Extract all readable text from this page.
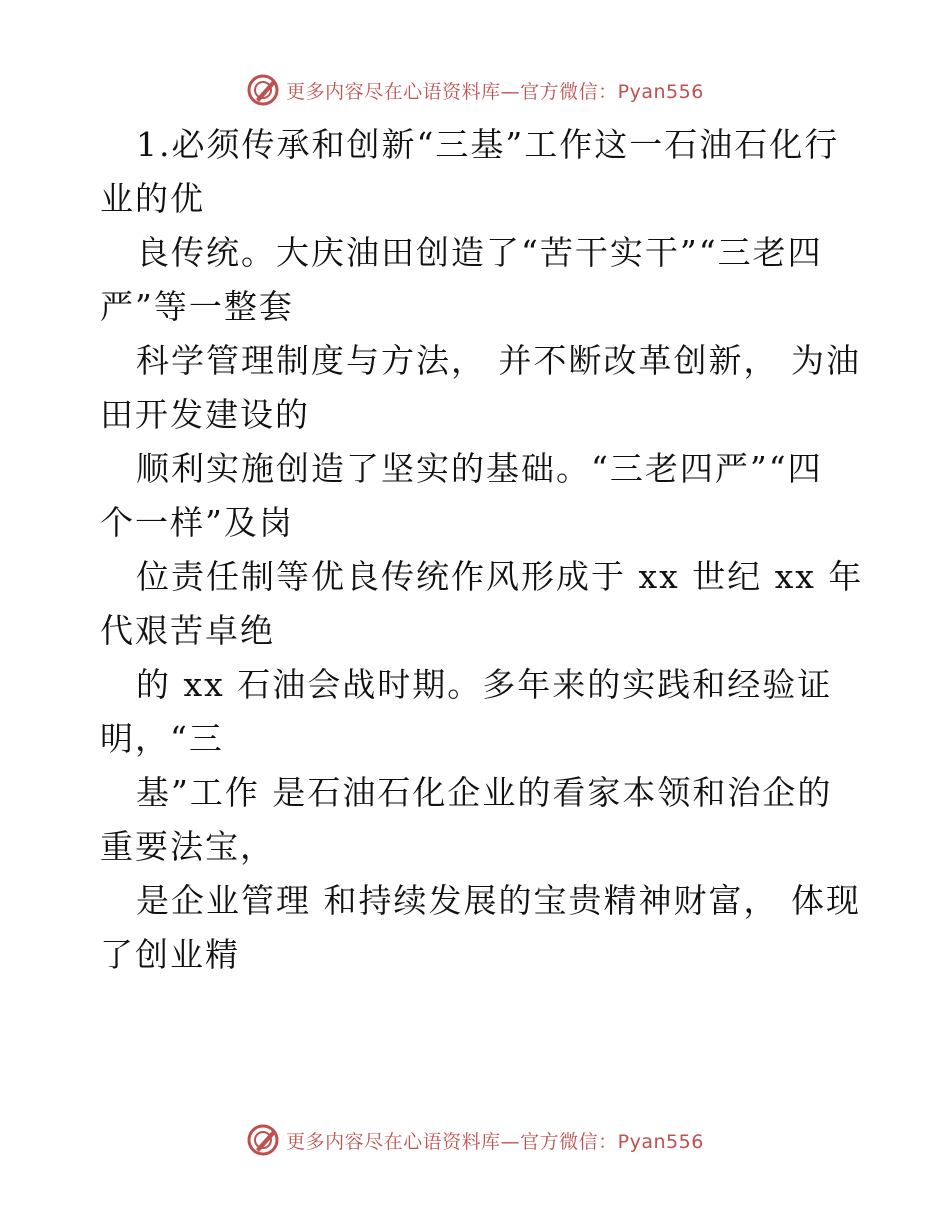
更多内容尽在心语资料库—官方微信：Pyan556
1.必须传承和创新“三基”工作这一石油石化行
业的优
良传统。大庆油田创造了“苦干实干”“三老四
严”等一整套
科学管理制度与方法， 并不断改革创新， 为油
田开发建设的
顺利实施创造了坚实的基础。“三老四严”“四
个一样”及岗
位责任制等优良传统作风形成于 xx 世纪 xx 年
代艰苦卓绝
的 xx 石油会战时期。多年来的实践和经验证
明，“三
基”工作 是石油石化企业的看家本领和治企的
重要法宝，
是企业管理 和持续发展的宝贵精神财富， 体现
了创业精
更多内容尽在心语资料库—官方微信：Pyan556
